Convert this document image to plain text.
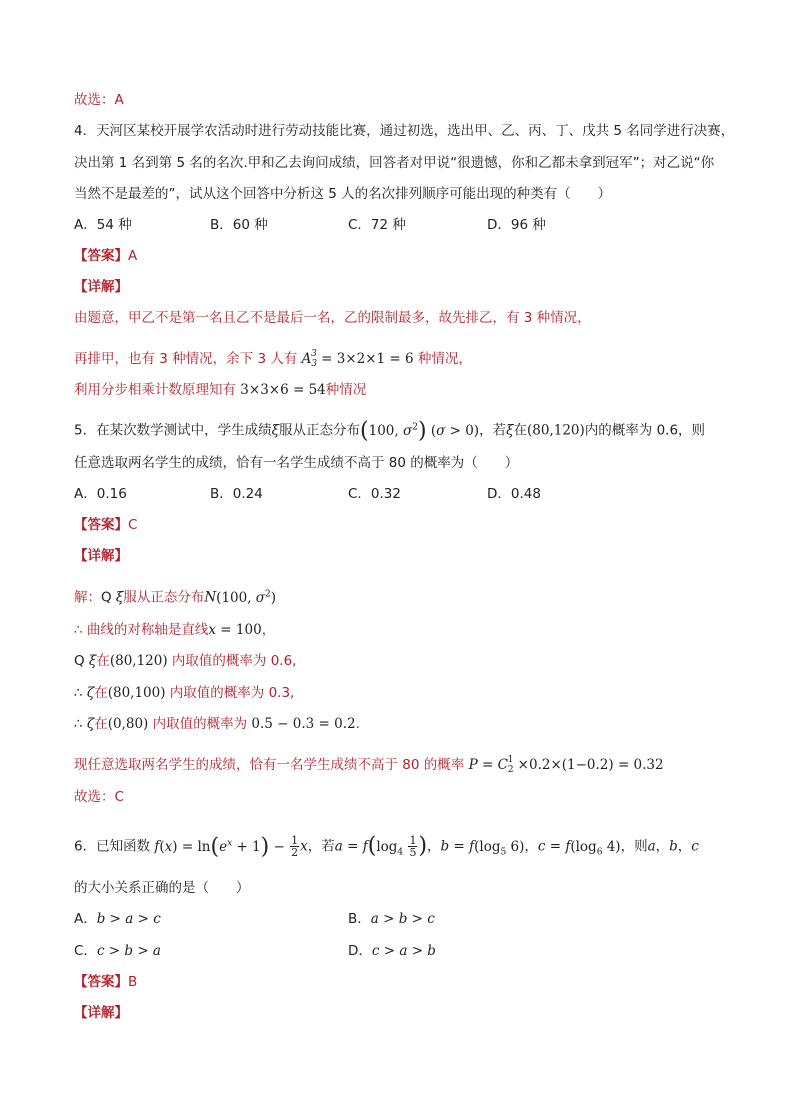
故选：A
4．天河区某校开展学农活动时进行劳动技能比赛，通过初选，选出甲、乙、丙、丁、戊共 5 名同学进行决赛，
决出第 1 名到第 5 名的名次.甲和乙去询问成绩，回答者对甲说“很遗憾，你和乙都未拿到冠军”；对乙说“你
当然不是最差的”，试从这个回答中分析这 5 人的名次排列顺序可能出现的种类有（　　）
A．54 种	B．60 种	C．72 种	D．96 种
【答案】A
【详解】
由题意，甲乙不是第一名且乙不是最后一名，乙的限制最多，故先排乙，有 3 种情况，
再排甲，也有 3 种情况，余下 3 人有 $A_3^3 = 3\times 2\times 1 = 6$ 种情况，
利用分步相乘计数原理知有 3×3×6 = 54种情况
5．在某次数学测试中，学生成绩ξ服从正态分布(100, $\sigma^2$) (σ > 0)，若ξ在(80,120)内的概率为 0.6，则
任意选取两名学生的成绩，恰有一名学生成绩不高于 80 的概率为（　　）
A．0.16	B．0.24	C．0.32	D．0.48
【答案】C
【详解】
解：Q ξ服从正态分布N(100, $\sigma^2$)
∴ 曲线的对称轴是直线x = 100，
Q ξ在(80,120) 内取值的概率为 0.6,
∴ ζ在(80,100) 内取值的概率为 0.3,
∴ ζ在(0,80) 内取值的概率为 0.5 − 0.3 = 0.2．
现任意选取两名学生的成绩，恰有一名学生成绩不高于 80 的概率 $P = C_2^1 \times 0.2\times(1-0.2) = 0.32$
故选：C
6．已知函数 $f(x) = \ln(e^x + 1) - \frac{1}{2}$ x，若$a = f(\log_4 \frac{1}{5}$ )，$b = f(\log_5$ 6)，$c = f(\log_6$ 4)，则a，b，c
的大小关系正确的是（　　）
A．b > a > c	B．a > b > c
C．c > b > a	D．c > a > b
【答案】B
【详解】
